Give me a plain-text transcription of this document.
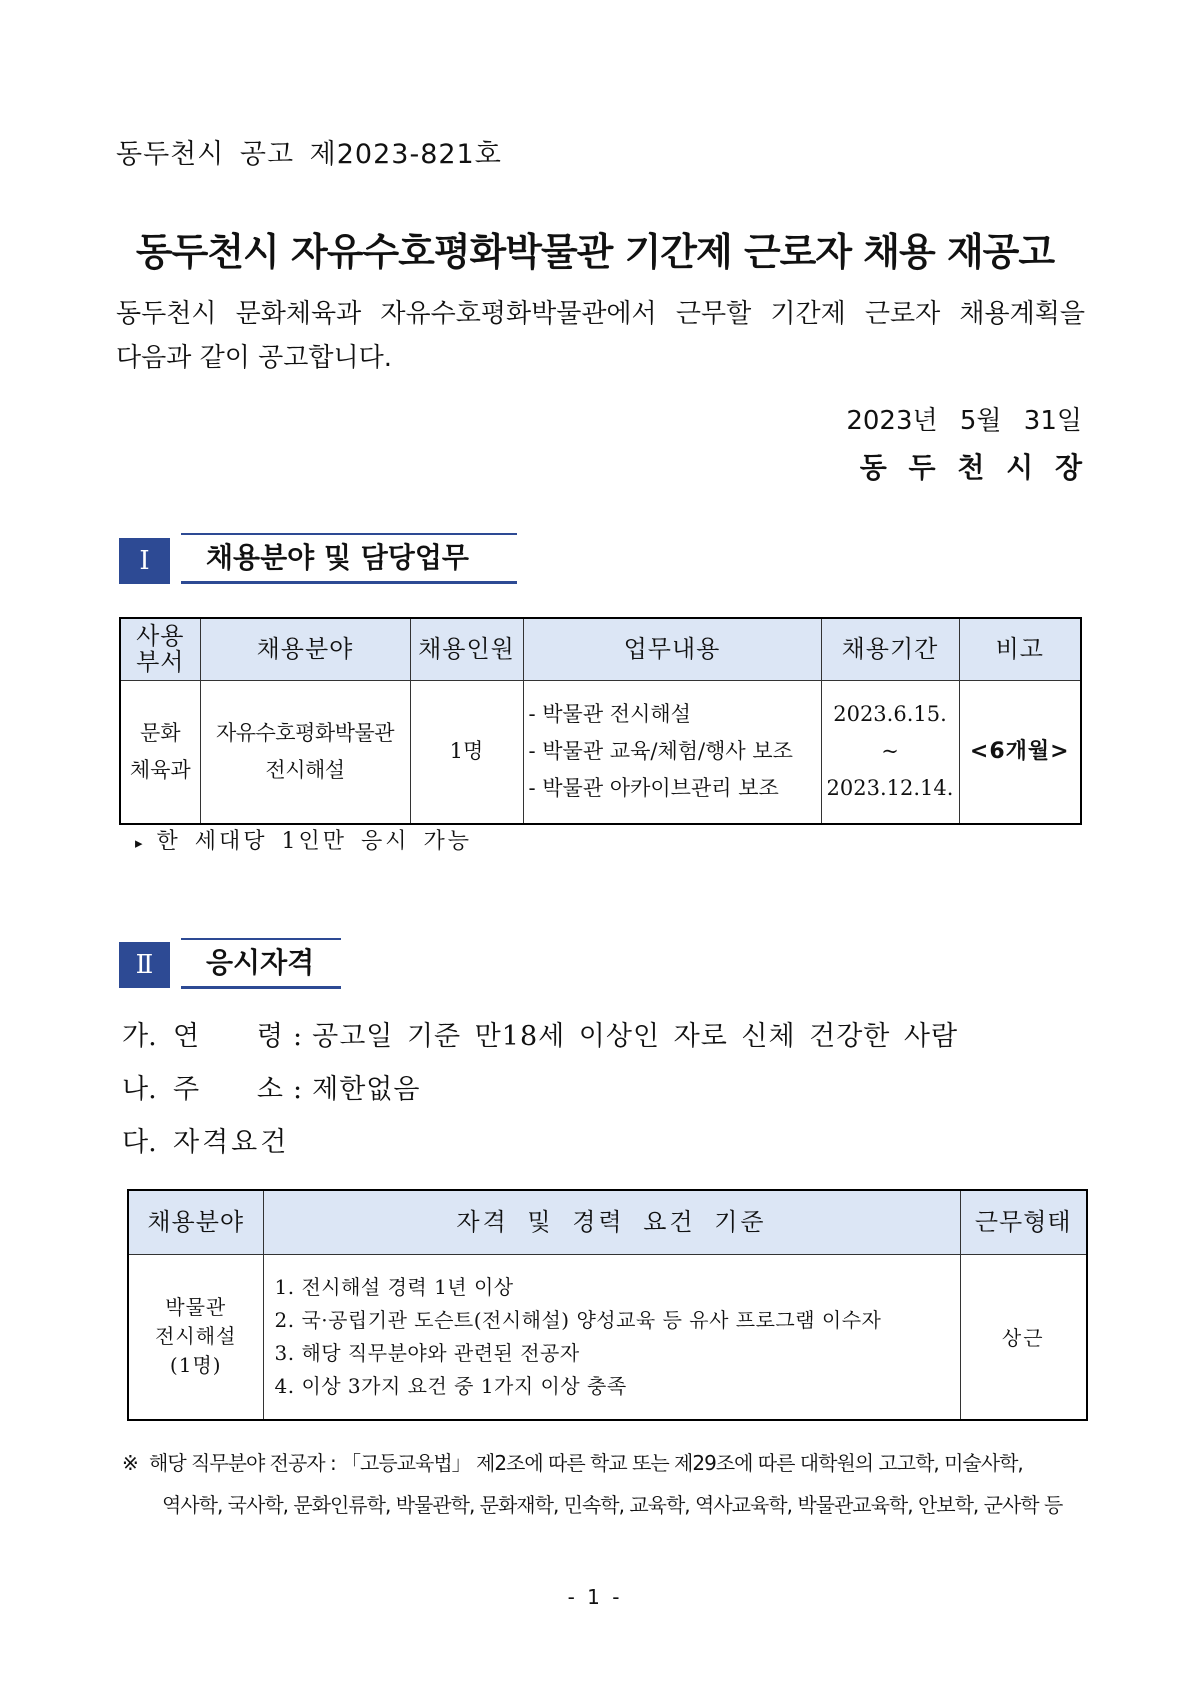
동두천시 공고 제2023-821호
동두천시 자유수호평화박물관 기간제 근로자 채용 재공고
동두천시 문화체육과 자유수호평화박물관에서 근무할 기간제 근로자 채용계획을
다음과 같이 공고합니다.
2023년 5월 31일
동 두 천 시 장
Ⅰ	채용분야 및 담당업무
사용
부서	채용분야	채용인원	업무내용	채용기간	비고

문화
체육과	자유수호평화박물관
전시해설	1명	- 박물관 전시해설
- 박물관 교육/체험/행사 보조
- 박물관 아카이브관리 보조	2023.6.15.
~
2023.12.14.	<6개월>
▸ 한 세대당 1인만 응시 가능
Ⅱ	응시자격
가. 연 령 : 공고일 기준 만18세 이상인 자로 신체 건강한 사람
나. 주 소 : 제한없음
다. 자격요건
채용분야	자격 및 경력 요건 기준	근무형태

박물관
전시해설
(1명)	1. 전시해설 경력 1년 이상
2. 국·공립기관 도슨트(전시해설) 양성교육 등 유사 프로그램 이수자
3. 해당 직무분야와 관련된 전공자
4. 이상 3가지 요건 중 1가지 이상 충족	상근
※ 해당 직무분야 전공자 : 「고등교육법」 제2조에 따른 학교 또는 제29조에 따른 대학원의 고고학, 미술사학,
역사학, 국사학, 문화인류학, 박물관학, 문화재학, 민속학, 교육학, 역사교육학, 박물관교육학, 안보학, 군사학 등
- 1 -
